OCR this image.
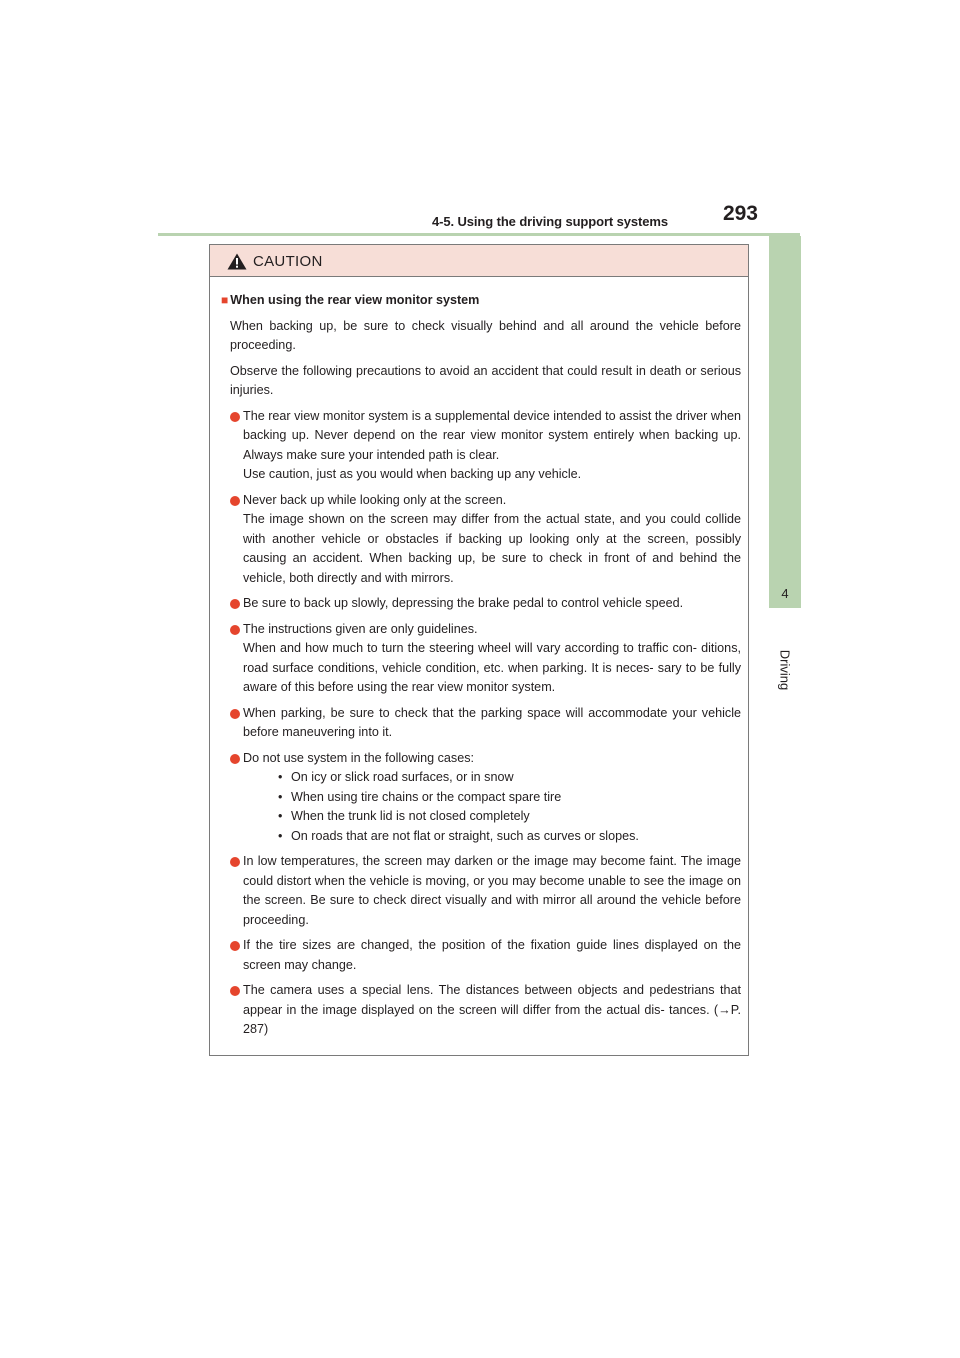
4-5. Using the driving support systems	293
4
Driving
CAUTION
■ When using the rear view monitor system
When backing up, be sure to check visually behind and all around the vehicle before proceeding.
Observe the following precautions to avoid an accident that could result in death or serious injuries.
The rear view monitor system is a supplemental device intended to assist the driver when backing up. Never depend on the rear view monitor system entirely when backing up. Always make sure your intended path is clear.
Use caution, just as you would when backing up any vehicle.
Never back up while looking only at the screen.
The image shown on the screen may differ from the actual state, and you could collide with another vehicle or obstacles if backing up looking only at the screen, possibly causing an accident. When backing up, be sure to check in front of and behind the vehicle, both directly and with mirrors.
Be sure to back up slowly, depressing the brake pedal to control vehicle speed.
The instructions given are only guidelines.
When and how much to turn the steering wheel will vary according to traffic con- ditions, road surface conditions, vehicle condition, etc. when parking. It is neces- sary to be fully aware of this before using the rear view monitor system.
When parking, be sure to check that the parking space will accommodate your vehicle before maneuvering into it.
Do not use system in the following cases:
• On icy or slick road surfaces, or in snow
• When using tire chains or the compact spare tire
• When the trunk lid is not closed completely
• On roads that are not flat or straight, such as curves or slopes.
In low temperatures, the screen may darken or the image may become faint. The image could distort when the vehicle is moving, or you may become unable to see the image on the screen. Be sure to check direct visually and with mirror all around the vehicle before proceeding.
If the tire sizes are changed, the position of the fixation guide lines displayed on the screen may change.
The camera uses a special lens. The distances between objects and pedestrians that appear in the image displayed on the screen will differ from the actual dis- tances. (→P. 287)
